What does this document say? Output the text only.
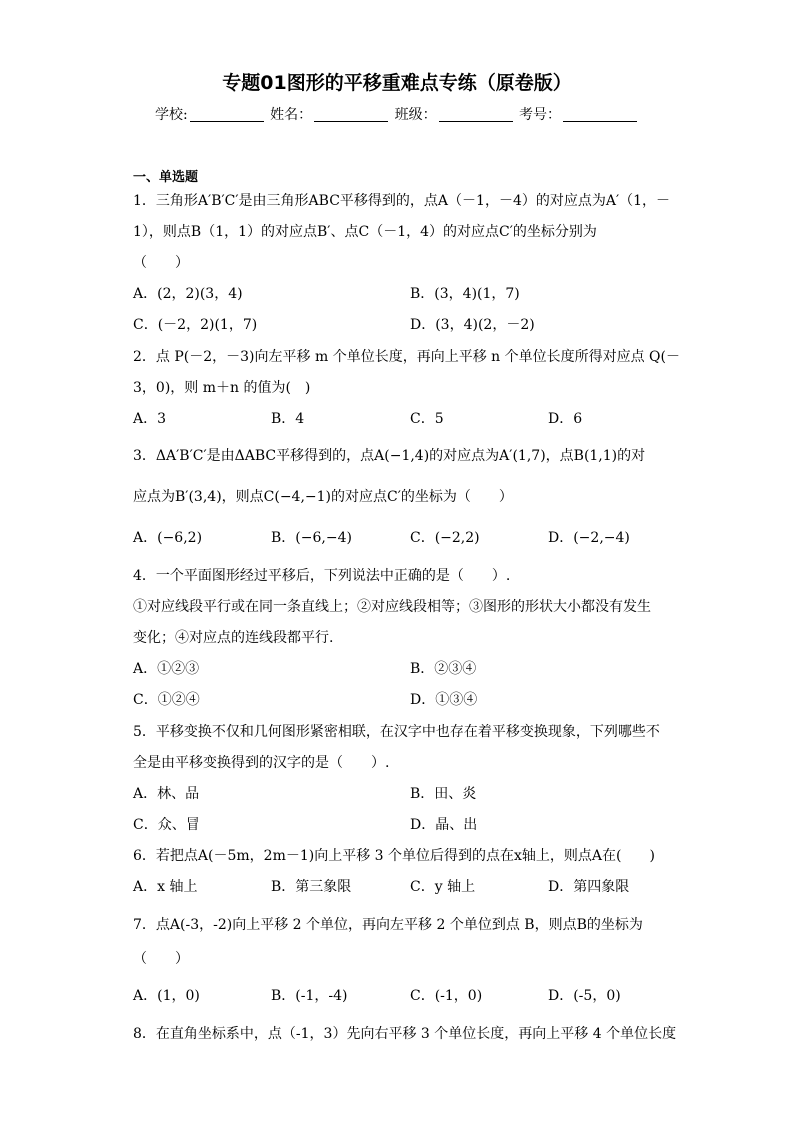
专题01图形的平移重难点专练（原卷版）
学校:	姓名：	班级：	考号：
一、单选题
1．三角形A′B′C′是由三角形ABC平移得到的，点A（－1，－4）的对应点为A′（1，－
1），则点B（1，1）的对应点B′、点C（－1，4）的对应点C′的坐标分别为
（　　）
A．(2，2)(3，4)	B．(3，4)(1，7)
C．(－2，2)(1，7)	D．(3，4)(2，－2)
2．点 P(－2，－3)向左平移 m 个单位长度，再向上平移 n 个单位长度所得对应点 Q(－
3，0)，则 m＋n 的值为(　)
A．3	B．4	C．5	D．6
3．ΔA′B′C′是由ΔABC平移得到的，点A(−1,4)的对应点为A′(1,7)，点B(1,1)的对
应点为B′(3,4)，则点C(−4,−1)的对应点C′的坐标为（　　）
A．(−6,2)	B．(−6,−4)	C．(−2,2)	D．(−2,−4)
4．一个平面图形经过平移后，下列说法中正确的是（　　）.
①对应线段平行或在同一条直线上；②对应线段相等；③图形的形状大小都没有发生
变化；④对应点的连线段都平行.
A．①②③	B．②③④
C．①②④	D．①③④
5．平移变换不仅和几何图形紧密相联，在汉字中也存在着平移变换现象，下列哪些不
全是由平移变换得到的汉字的是（　　）.
A．林、品	B．田、炎
C．众、冒	D．晶、出
6．若把点A(－5m，2m－1)向上平移 3 个单位后得到的点在x轴上，则点A在(　　)
A．x 轴上	B．第三象限	C．y 轴上	D．第四象限
7．点A(-3，-2)向上平移 2 个单位，再向左平移 2 个单位到点 B，则点B的坐标为
（　　）
A．(1，0)	B．(-1，-4)	C．(-1，0)	D．(-5，0)
8．在直角坐标系中，点（-1，3）先向右平移 3 个单位长度，再向上平移 4 个单位长度
